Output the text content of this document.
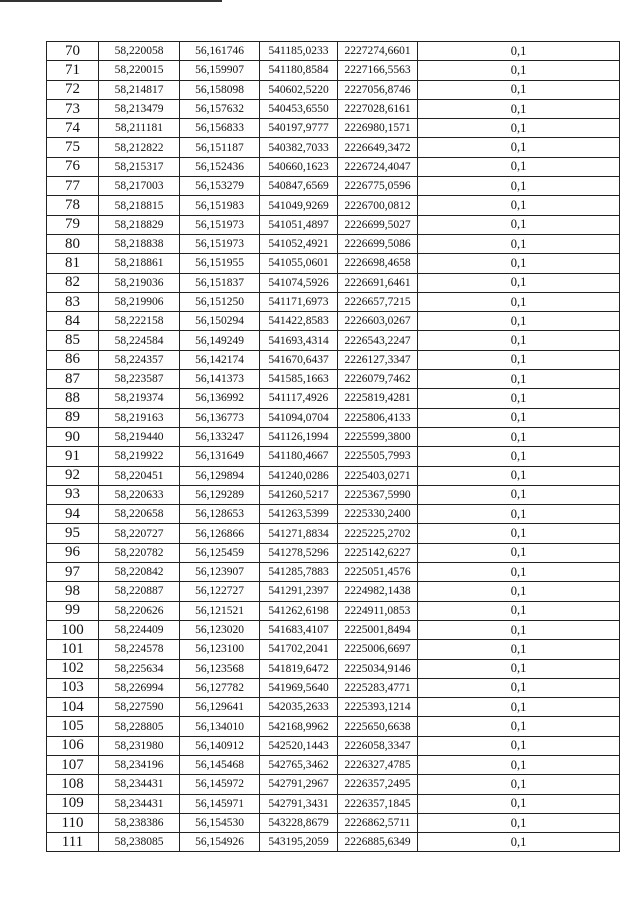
70	58,220058	56,161746	541185,0233	2227274,6601	0,1
71	58,220015	56,159907	541180,8584	2227166,5563	0,1
72	58,214817	56,158098	540602,5220	2227056,8746	0,1
73	58,213479	56,157632	540453,6550	2227028,6161	0,1
74	58,211181	56,156833	540197,9777	2226980,1571	0,1
75	58,212822	56,151187	540382,7033	2226649,3472	0,1
76	58,215317	56,152436	540660,1623	2226724,4047	0,1
77	58,217003	56,153279	540847,6569	2226775,0596	0,1
78	58,218815	56,151983	541049,9269	2226700,0812	0,1
79	58,218829	56,151973	541051,4897	2226699,5027	0,1
80	58,218838	56,151973	541052,4921	2226699,5086	0,1
81	58,218861	56,151955	541055,0601	2226698,4658	0,1
82	58,219036	56,151837	541074,5926	2226691,6461	0,1
83	58,219906	56,151250	541171,6973	2226657,7215	0,1
84	58,222158	56,150294	541422,8583	2226603,0267	0,1
85	58,224584	56,149249	541693,4314	2226543,2247	0,1
86	58,224357	56,142174	541670,6437	2226127,3347	0,1
87	58,223587	56,141373	541585,1663	2226079,7462	0,1
88	58,219374	56,136992	541117,4926	2225819,4281	0,1
89	58,219163	56,136773	541094,0704	2225806,4133	0,1
90	58,219440	56,133247	541126,1994	2225599,3800	0,1
91	58,219922	56,131649	541180,4667	2225505,7993	0,1
92	58,220451	56,129894	541240,0286	2225403,0271	0,1
93	58,220633	56,129289	541260,5217	2225367,5990	0,1
94	58,220658	56,128653	541263,5399	2225330,2400	0,1
95	58,220727	56,126866	541271,8834	2225225,2702	0,1
96	58,220782	56,125459	541278,5296	2225142,6227	0,1
97	58,220842	56,123907	541285,7883	2225051,4576	0,1
98	58,220887	56,122727	541291,2397	2224982,1438	0,1
99	58,220626	56,121521	541262,6198	2224911,0853	0,1
100	58,224409	56,123020	541683,4107	2225001,8494	0,1
101	58,224578	56,123100	541702,2041	2225006,6697	0,1
102	58,225634	56,123568	541819,6472	2225034,9146	0,1
103	58,226994	56,127782	541969,5640	2225283,4771	0,1
104	58,227590	56,129641	542035,2633	2225393,1214	0,1
105	58,228805	56,134010	542168,9962	2225650,6638	0,1
106	58,231980	56,140912	542520,1443	2226058,3347	0,1
107	58,234196	56,145468	542765,3462	2226327,4785	0,1
108	58,234431	56,145972	542791,2967	2226357,2495	0,1
109	58,234431	56,145971	542791,3431	2226357,1845	0,1
110	58,238386	56,154530	543228,8679	2226862,5711	0,1
111	58,238085	56,154926	543195,2059	2226885,6349	0,1
